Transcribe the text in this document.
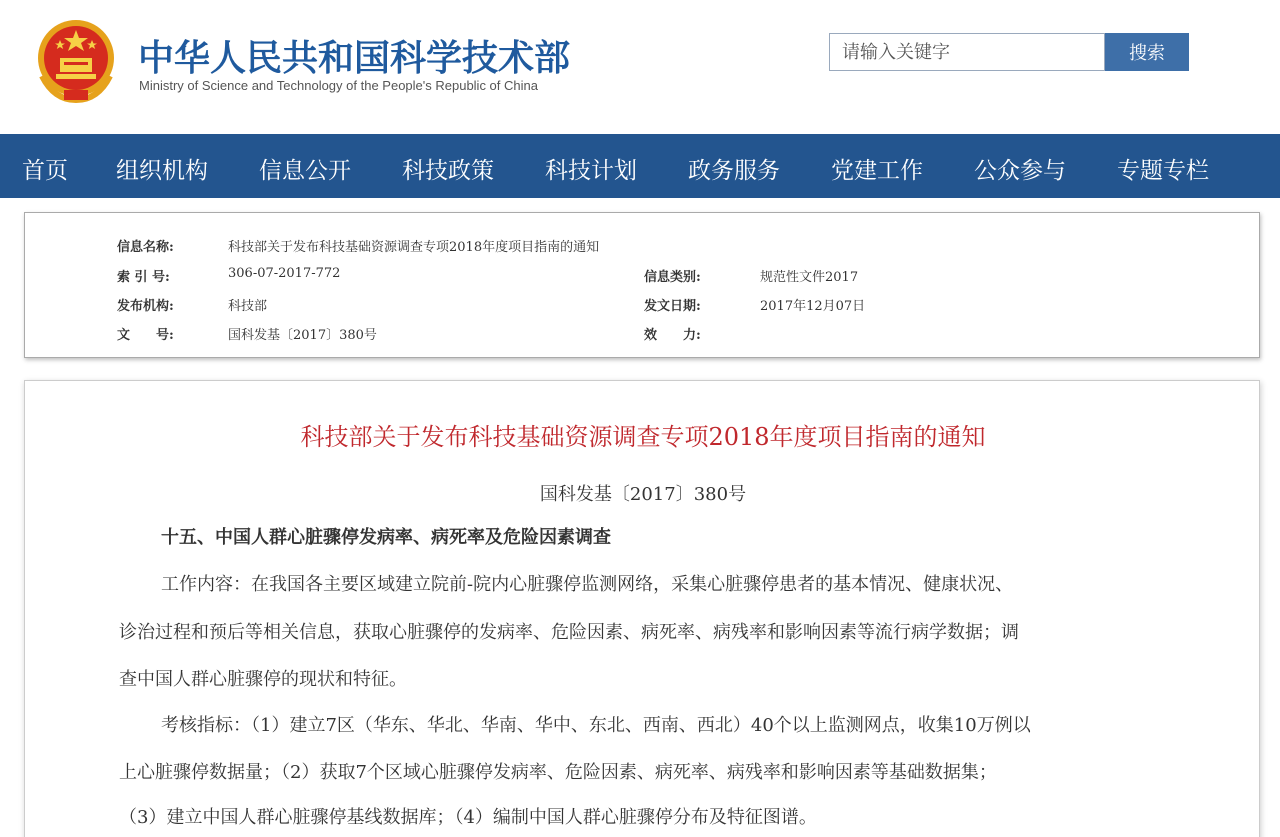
中华人民共和国科学技术部
Ministry of Science and Technology of the People's Republic of China
请输入关键字
搜索
首页 组织机构 信息公开 科技政策 科技计划 政务服务 党建工作 公众参与 专题专栏
信息名称:	科技部关于发布科技基础资源调查专项2018年度项目指南的通知
索 引 号:	306-07-2017-772	信息类别:	规范性文件2017
发布机构:	科技部	发文日期:	2017年12月07日
文　　号:	国科发基〔2017〕380号	效　　力:
科技部关于发布科技基础资源调查专项2018年度项目指南的通知
国科发基〔2017〕380号
十五、中国人群心脏骤停发病率、病死率及危险因素调查
工作内容：在我国各主要区域建立院前-院内心脏骤停监测网络，采集心脏骤停患者的基本情况、健康状况、
诊治过程和预后等相关信息，获取心脏骤停的发病率、危险因素、病死率、病残率和影响因素等流行病学数据；调
查中国人群心脏骤停的现状和特征。
考核指标：（1）建立7区（华东、华北、华南、华中、东北、西南、西北）40个以上监测网点，收集10万例以
上心脏骤停数据量；（2）获取7个区域心脏骤停发病率、危险因素、病死率、病残率和影响因素等基础数据集；
（3）建立中国人群心脏骤停基线数据库；（4）编制中国人群心脏骤停分布及特征图谱。
